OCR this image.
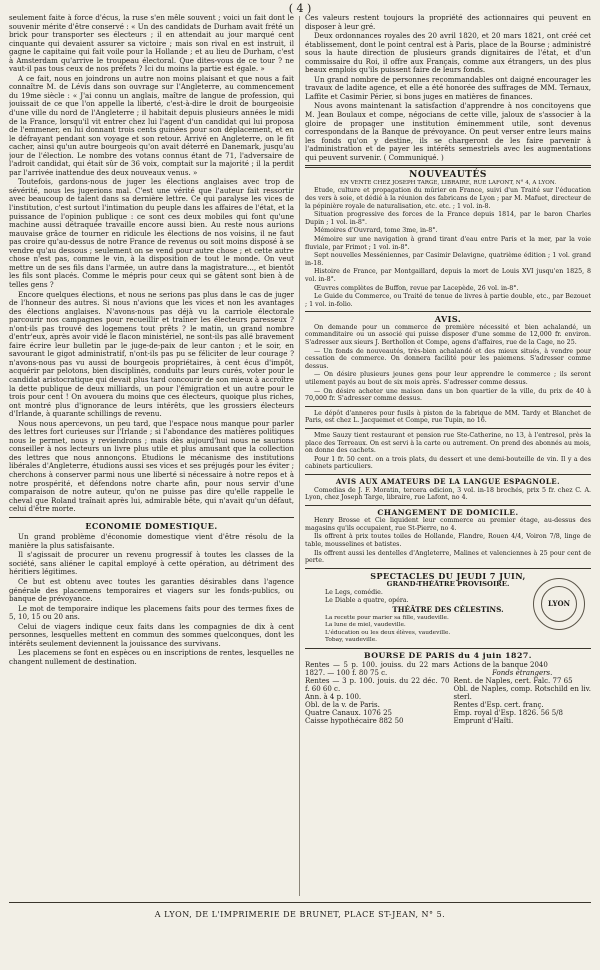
( 4 )

seulement faite à force d'écus, la ruse s'en mêle souvent ; voici un fait dont le souvenir mérite d'être conservé : « Un des candidats de Durham avait frété un brick pour transporter ses électeurs ; il en attendait au jour marqué cent cinquante qui devaient assurer sa victoire ; mais son rival en est instruit, il gagne le capitaine qui fait voile pour la Hollande ; et au lieu de Durham, c'est à Amsterdam qu'arrive le troupeau électoral. Que dites-vous de ce tour ? ne vaut-il pas tous ceux de nos préfets ? Ici du moins la partie est égale. »

A ce fait, nous en joindrons un autre non moins plaisant et que nous a fait connaître M. de Lévis dans son ouvrage sur l'Angleterre, au commencement du 19me siècle : « J'ai connu un anglais, maître de langue de profession, qui jouissait de ce que l'on appelle la liberté, c'est-à-dire le droit de bourgeoisie d'une ville du nord de l'Angleterre ; il habitait depuis plusieurs années le midi de la France, lorsqu'il vit entrer chez lui l'agent d'un candidat qui lui proposa de l'emmener, en lui donnant trois cents guinées pour son déplacement, et en le défrayant pendant son voyage et son retour. Arrivé en Angleterre, on le fit cacher, ainsi qu'un autre bourgeois qu'on avait déterré en Danemark, jusqu'au jour de l'élection. Le nombre des votans connus étant de 71, l'adversaire de l'adroit candidat, qui était sûr de 36 voix, comptait sur la majorité ; il la perdit par l'arrivée inattendue des deux nouveaux venus. »

Toutefois, gardons-nous de juger les élections anglaises avec trop de sévérité, nous les jugerions mal. C'est une vérité que l'auteur fait ressortir avec beaucoup de talent dans sa dernière lettre. Ce qui paralyse les vices de l'institution, c'est surtout l'intimation du peuple dans les affaires de l'état, et la puissance de l'opinion publique : ce sont ces deux mobiles qui font qu'une machine aussi détraquée travaille encore aussi bien. Au reste nous aurions mauvaise grâce de tourner en ridicule les élections de nos voisins, il ne faut pas croire qu'au-dessus de notre France de revenus ou soit moins disposé à se vendre qu'au dessous ; seulement on se vend pour autre chose ; et cette autre chose n'est pas, comme le vin, à la disposition de tout le monde. On veut mettre un de ses fils dans l'armée, un autre dans la magistrature..., et bientôt les fils sont placés. Comme le mépris pour ceux qui se gâtent sont bien à de telles gens ?

Encore quelques élections, et nous ne serions pas plus dans le cas de juger de l'honneur des autres. Si nous n'avions que les vices et non les avantages des élections anglaises. N'avons-nous pas déjà vu la carriole électorale parcourir nos campagnes pour recueillir et traîner les électeurs paresseux ? n'ont-ils pas trouvé des logemens tout prêts ? le matin, un grand nombre d'entr'eux, après avoir vidé le flacon ministériel, ne sont-ils pas allé bravement faire écrire leur bulletin par le juge-de-paix de leur canton ; et le soir, en savourant le gigot administratif, n'ont-ils pas pu se féliciter de leur courage ? n'avons-nous pas vu aussi de bourgeois propriétaires, à cent écus d'impôt, acquérir par pelotons, bien disciplinés, conduits par leurs curés, voter pour le candidat aristocratique qui devait plus tard concourir de son mieux à accroître la dette publique de deux milliards, un pour l'émigration et un autre pour le trois pour cent ! On avouera du moins que ces électeurs, quoique plus riches, ont montré plus d'ignorance de leurs intérêts, que les grossiers électeurs d'Irlande, à quarante schillings de revenu.

Nous nous apercevons, un peu tard, que l'espace nous manque pour parler des lettres fort curieuses sur l'Irlande ; si l'abondance des matières politiques nous le permet, nous y reviendrons ; mais dès aujourd'hui nous ne saurions conseiller à nos lecteurs un livre plus utile et plus amusant que la collection des lettres que nous annonçons. Etudions le mécanisme des institutions libérales d'Angleterre, étudions aussi ses vices et ses préjugés pour les éviter ; cherchons à conserver parmi nous une liberté si nécessaire à notre repos et à notre prospérité, et défendons notre charte afin, pour nous servir d'une comparaison de notre auteur, qu'on ne puisse pas dire qu'elle rappelle le cheval que Roland traînait après lui, admirable bête, qui n'avait qu'un défaut, celui d'être morte.

ECONOMIE DOMESTIQUE.

Un grand problème d'économie domestique vient d'être résolu de la manière la plus satisfaisante.

Il s'agissait de procurer un revenu progressif à toutes les classes de la société, sans aliéner le capital employé à cette opération, au détriment des héritiers légitimes.

Ce but est obtenu avec toutes les garanties désirables dans l'agence générale des placemens temporaires et viagers sur les fonds-publics, ou banque de prévoyance.

Le mot de temporaire indique les placemens faits pour des termes fixes de 5, 10, 15 ou 20 ans.

Celui de viagers indique ceux faits dans les compagnies de dix à cent personnes, lesquelles mettent en commun des sommes quelconques, dont les intérêts seulement deviennent la jouissance des survivans.

Les placemens se font en espèces ou en inscriptions de rentes, lesquelles ne changent nullement de destination.

Ces valeurs restent toujours la propriété des actionnaires qui peuvent en disposer à leur gré.

Deux ordonnances royales des 20 avril 1820, et 20 mars 1821, ont créé cet établissement, dont le point central est à Paris, place de la Bourse ; administré sous la haute direction de plusieurs grands dignitaires de l'état, et d'un commissaire du Roi, il offre aux Français, comme aux étrangers, un des plus beaux emplois qu'ils puissent faire de leurs fonds.

Un grand nombre de personnes recommandables ont daigné encourager les travaux de ladite agence, et elle a été honorée des suffrages de MM. Ternaux, Laffite et Casimir Périer, si bons juges en matières de finances.

Nous avons maintenant la satisfaction d'apprendre à nos concitoyens que M. Jean Boulaux et compe, négocians de cette ville, jaloux de s'associer à la gloire de propager une institution éminemment utile, sont devenus correspondans de la Banque de prévoyance. On peut verser entre leurs mains les fonds qu'on y destine, ils se chargeront de les faire parvenir à l'administration et de payer les intérêts semestriels avec les augmentations qui peuvent survenir. ( Communiqué. )

NOUVEAUTÉS
EN VENTE CHEZ JOSEPH TARGE, LIBRAIRE, RUE LAFONT, N° 4, A LYON.

Etude, culture et propagation du mûrier en France, suivi d'un Traité sur l'éducation des vers à soie, et dédié à la réunion des fabricans de Lyon ; par M. Mafuet, directeur de la pépinière royale de naturalisation, etc. etc. ; 1 vol. in-8.

Situation progressive des forces de la France depuis 1814, par le baron Charles Dupin ; 1 vol. in-8°.

Mémoires d'Ouvrard, tome 3me, in-8°.

Mémoire sur une navigation à grand tirant d'eau entre Paris et la mer, par la voie fluviale, par Frimot ; 1 vol. in-8°.

Sept nouvelles Messéniennes, par Casimir Delavigne, quatrième édition ; 1 vol. grand in-18.

Histoire de France, par Montgaillard, depuis la mort de Louis XVI jusqu'en 1825, 8 vol. in-8°.

Œuvres complètes de Buffon, revue par Lacepède, 26 vol. in-8°.

Le Guide du Commerce, ou Traité de tenue de livres à partie double, etc., par Bezouet ; 1 vol. in-folio.

AVIS.

On demande pour un commerce de première nécessité et bien achalandé, un commanditaire ou un associé qui puisse disposer d'une somme de 12,000 fr. environ. S'adresser aux sieurs J. Berthollon et Compe, agens d'affaires, rue de la Cage, no 25.

— Un fonds de nouveautés, très-bien achalandé et des mieux situés, à vendre pour cessation de commerce. On donnera facilité pour les paiemens. S'adresser comme dessus.

— On désire plusieurs jeunes gens pour leur apprendre le commerce ; ils seront utilement payés au bout de six mois après. S'adresser comme dessus.

— On désire acheter une maison dans un bon quartier de la ville, du prix de 40 à 70,000 fr. S'adresser comme dessus.

Le dépôt d'anneres pour fusils à piston de la fabrique de MM. Tardy et Blanchet de Paris, est chez L. Jacquemet et Compe, rue Tupin, no 16.

Mme Sauzy tient restaurant et pension rue Ste-Catherine, no 13, à l'entresol, près la place des Terreaux. On est servi à la carte ou autrement. On prend des abonnés au mois, on donne des cachets.

Pour 1 fr. 50 cent. on a trois plats, du dessert et une demi-bouteille de vin. Il y a des cabinets particuliers.

AVIS AUX AMATEURS DE LA LANGUE ESPAGNOLE.

Comedias de J. F. Moratin, tercera edicion, 3 vol. in-18 brochés, prix 5 fr. chez C. A. Lyon, chez Joseph Targe, libraire, rue Lafont, no 4.

CHANGEMENT DE DOMICILE.

Henry Brosse et Cie liquident leur commerce au premier étage, au-dessus des magasins qu'ils occupaient, rue St-Pierre, no 4.

Ils offrent à prix toutes toiles de Hollande, Flandre, Rouen 4/4, Voiron 7/8, linge de table, mousselines et batistes.

Ils offrent aussi les dentelles d'Angleterre, Malines et valenciennes à 25 pour cent de perte.

SPECTACLES DU JEUDI 7 JUIN,
GRAND-THÉÂTRE PROVISOIRE.
Le Legs, comédie.
Le Diable a quatre, opéra.
THÉÂTRE DES CÉLESTINS.
La recette pour marier sa fille, vaudeville.
La lune de miel, vaudeville.
L'éducation ou les deux élèves, vaudeville.
Tobay, vaudeville.
LYON
BOURSE DE PARIS du 4 juin 1827.
Rentes — 5 p. 100. jouiss. du 22 mars 1827. — 100 f. 80 75 c.
Rentes — 3 p. 100. jouis. du 22 déc. 70 f. 60 60 c.
Ann. à 4 p. 100.
Obl. de la v. de Paris.
Quatre Canaux. 1076 25
Caisse hypothécaire 882 50
Actions de la banque 2040
Fonds étrangers.
Rent. de Naples, cert. Falc. 77 65
Obl. de Naples, comp. Rotschild en liv. sterl.
Rentes d'Esp. cert. franç.
Emp. royal d'Esp. 1826. 56 5/8
Emprunt d'Haïti.
A LYON, DE L'IMPRIMERIE DE BRUNET, PLACE ST-JEAN, N° 5.
